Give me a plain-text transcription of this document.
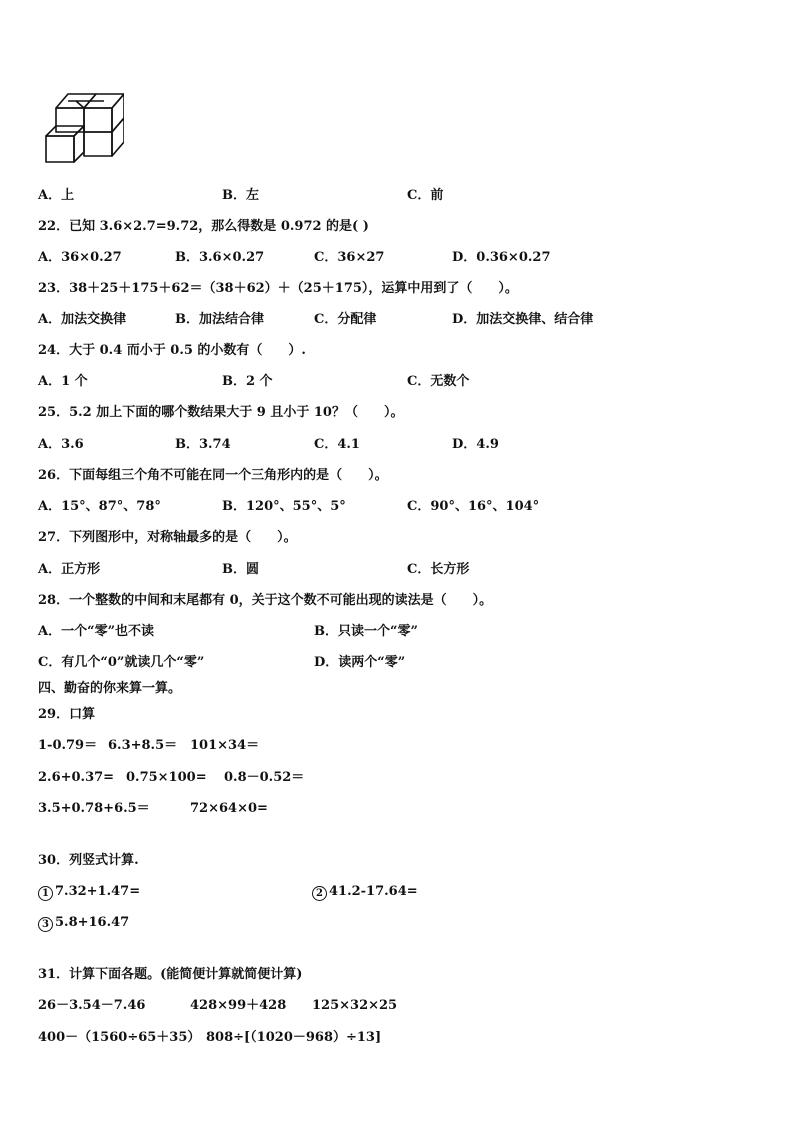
A．上	B．左	C．前
22．已知 3.6×2.7=9.72，那么得数是 0.972 的是( )
A．36×0.27	B．3.6×0.27	C．36×27	D．0.36×0.27
23．38＋25＋175＋62＝（38＋62）＋（25＋175），运算中用到了（　　）。
A．加法交换律	B．加法结合律	C．分配律	D．加法交换律、结合律
24．大于 0.4 而小于 0.5 的小数有（　　）.
A．1 个	B．2 个	C．无数个
25．5.2 加上下面的哪个数结果大于 9 且小于 10？（　　）。
A．3.6	B．3.74	C．4.1	D．4.9
26．下面每组三个角不可能在同一个三角形内的是（　　）。
A．15°、87°、78°	B．120°、55°、5°	C．90°、16°、104°
27．下列图形中，对称轴最多的是（　　）。
A．正方形	B．圆	C．长方形
28．一个整数的中间和末尾都有 0，关于这个数不可能出现的读法是（　　）。
A．一个“零”也不读	B．只读一个“零”
C．有几个“0”就读几个“零”	D．读两个“零”
四、勤奋的你来算一算。
29．口算
1-0.79＝ 6.3+8.5＝ 101×34＝
2.6+0.37= 0.75×100= 0.8－0.52＝
3.5+0.78+6.5＝	72×64×0=
30．列竖式计算.
1 7.32+1.47=	2 41.2-17.64=
3 5.8+16.47
31．计算下面各题。(能简便计算就简便计算)
26－3.54－7.46	428×99＋428 125×32×25
400－（1560÷65＋35） 808÷[（1020－968）÷13]
